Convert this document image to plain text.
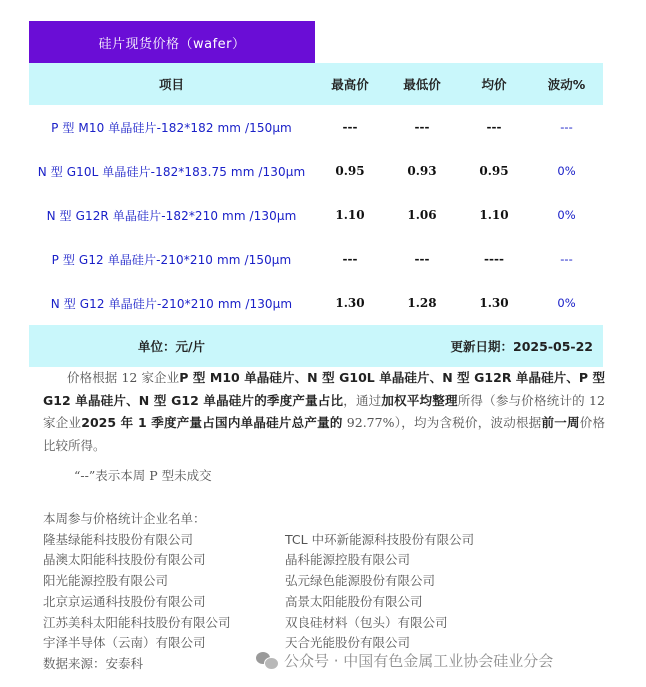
硅片现货价格（wafer）
项目	最高价	最低价	均价	波动%
P 型 M10 单晶硅片-182*182 mm /150μm	---	---	---	---
N 型 G10L 单晶硅片-182*183.75 mm /130μm	0.95	0.93	0.95	0%
N 型 G12R 单晶硅片-182*210 mm /130μm	1.10	1.06	1.10	0%
P 型 G12 单晶硅片-210*210 mm /150μm	---	---	----	---
N 型 G12 单晶硅片-210*210 mm /130μm	1.30	1.28	1.30	0%
单位：元/片	更新日期：2025-05-22			
价格根据 12 家企业P 型 M10 单晶硅片、N 型 G10L 单晶硅片、N 型 G12R 单晶硅片、P 型 G12 单晶硅片、N 型 G12 单晶硅片的季度产量占比，通过加权平均整理所得（参与价格统计的 12 家企业2025 年 1 季度产量占国内单晶硅片总产量的 92.77%），均为含税价，波动根据前一周价格比较所得。
“--”表示本周 P 型未成交
本周参与价格统计企业名单：
隆基绿能科技股份有限公司
晶澳太阳能科技股份有限公司
阳光能源控股有限公司
北京京运通科技股份有限公司
江苏美科太阳能科技股份有限公司
宇泽半导体（云南）有限公司
数据来源：安泰科
TCL 中环新能源科技股份有限公司
晶科能源控股有限公司
弘元绿色能源股份有限公司
高景太阳能股份有限公司
双良硅材料（包头）有限公司
天合光能股份有限公司
公众号 · 中国有色金属工业协会硅业分会
